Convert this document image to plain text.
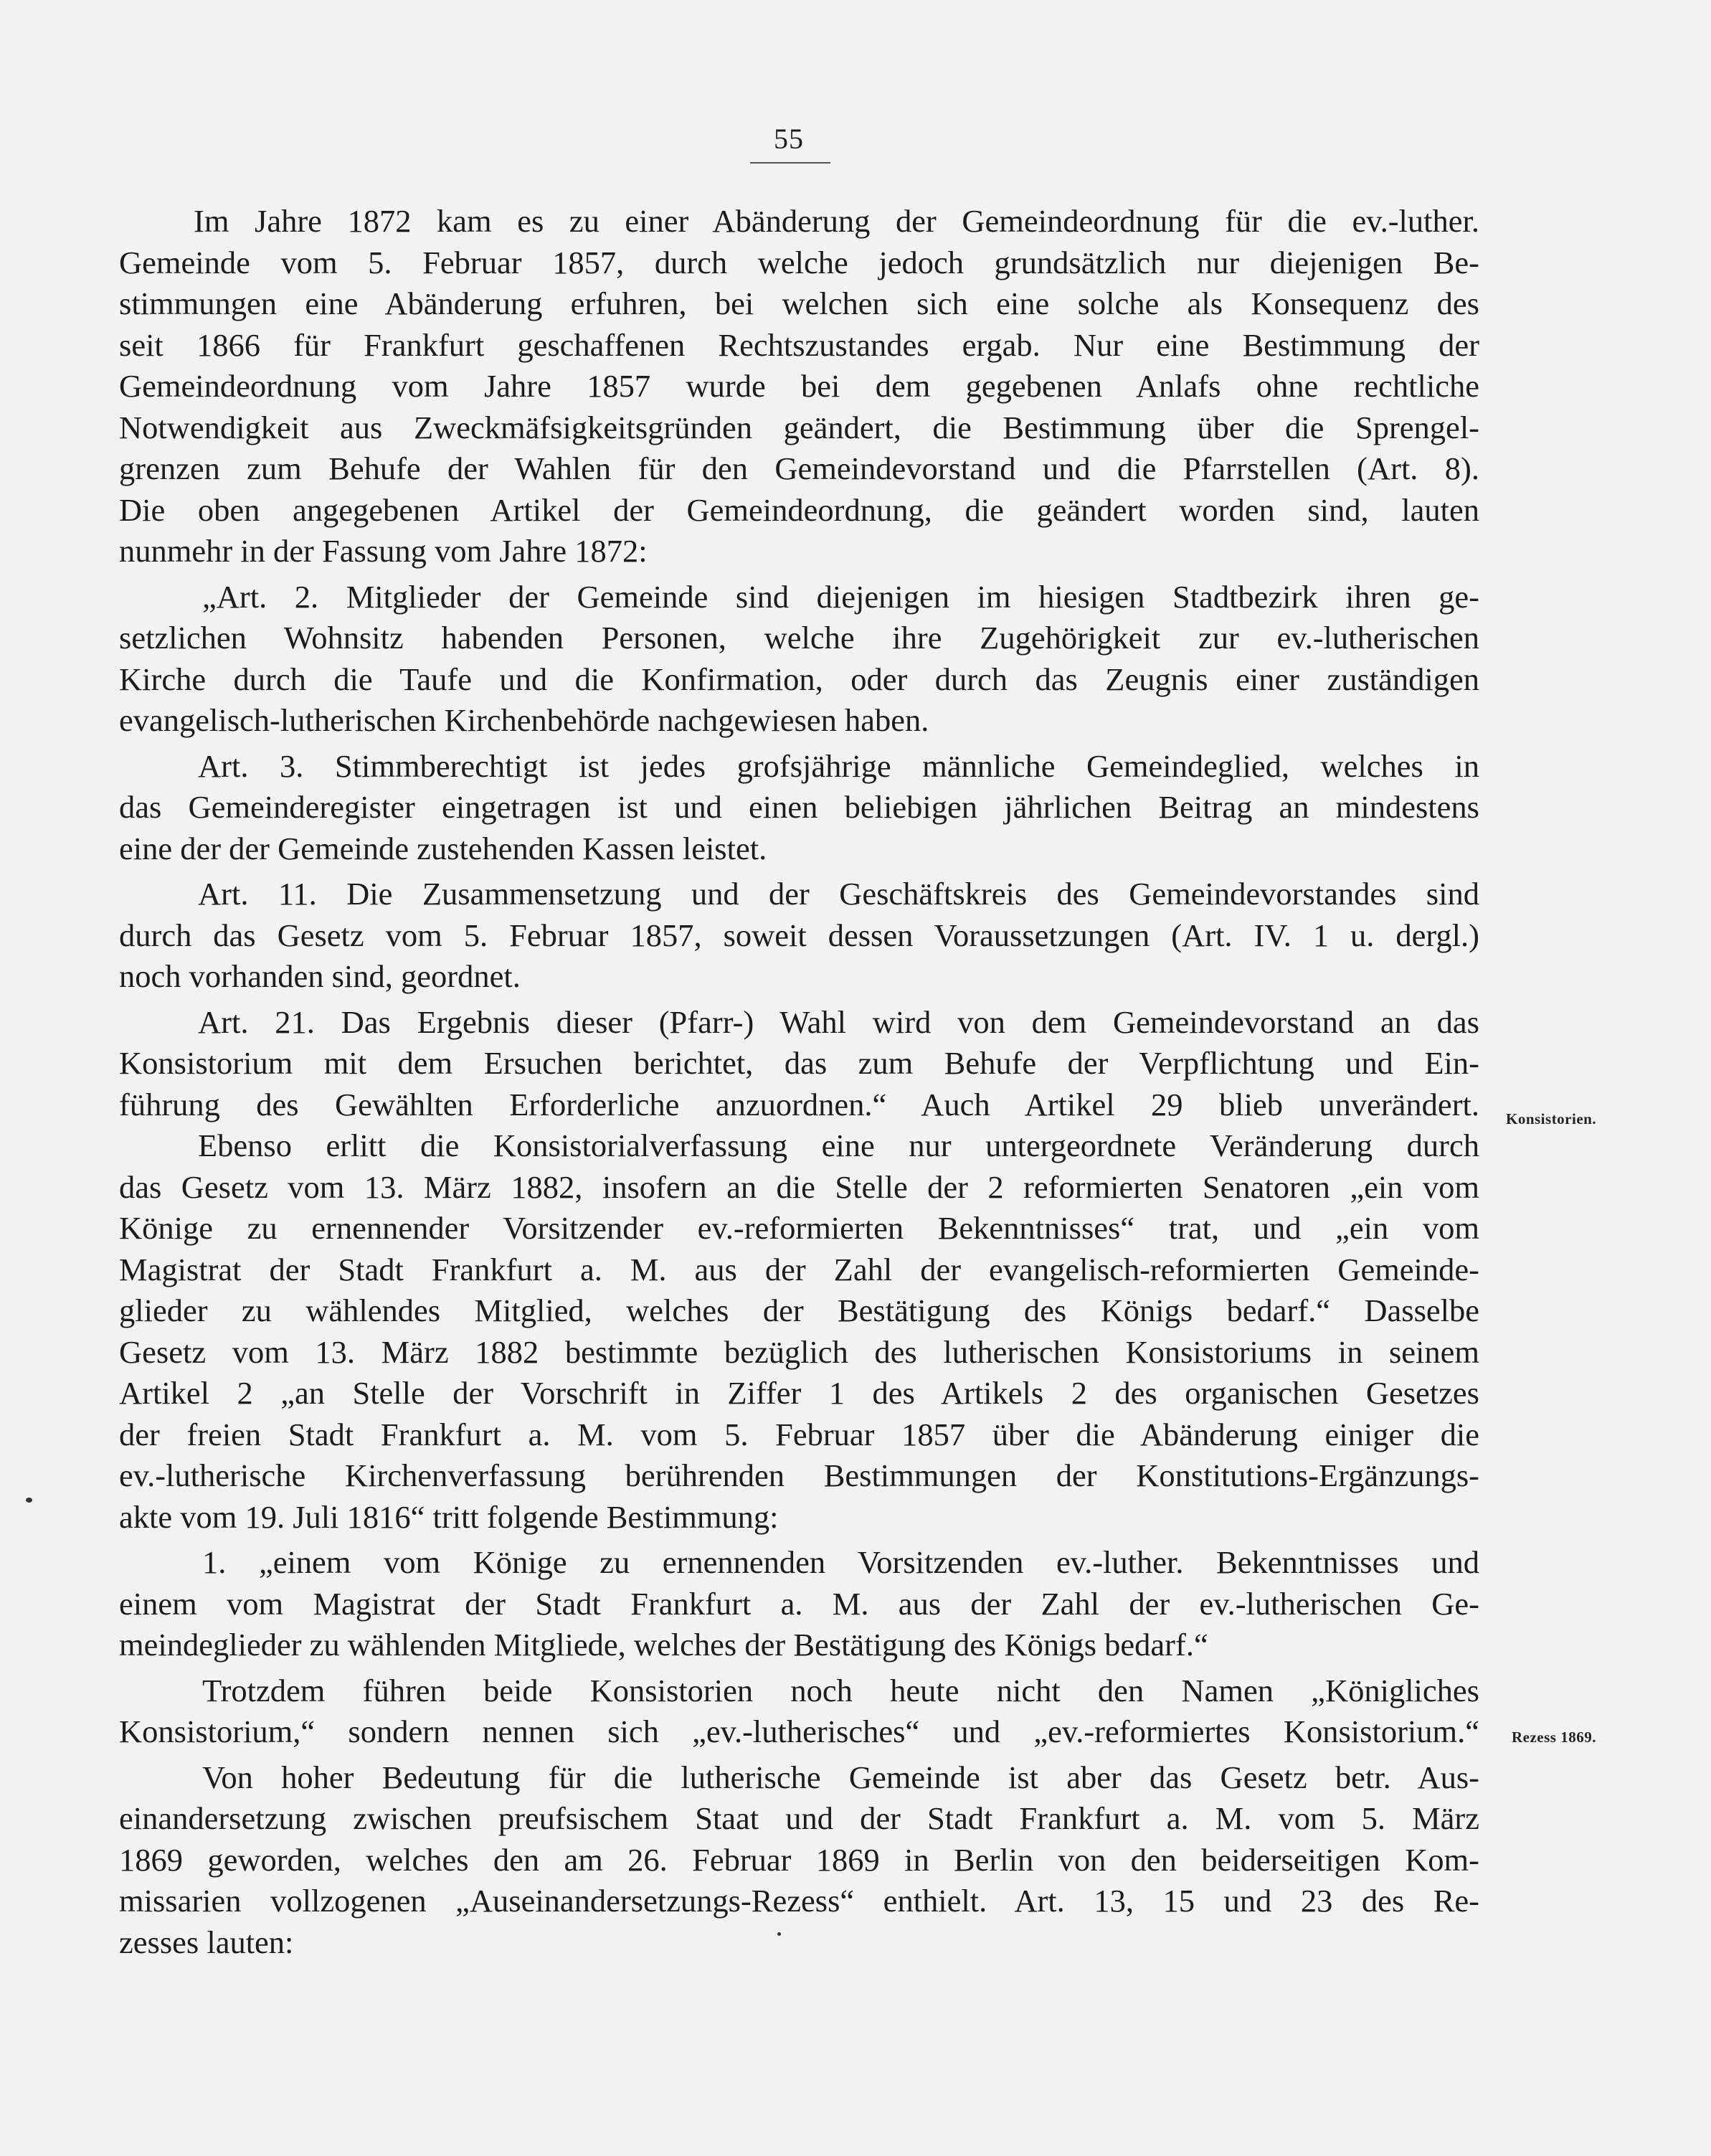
55
Im Jahre 1872 kam es zu einer Abänderung der Gemeindeordnung für die ev.-luther.
Gemeinde vom 5. Februar 1857, durch welche jedoch grundsätzlich nur diejenigen Be-
stimmungen eine Abänderung erfuhren, bei welchen sich eine solche als Konsequenz des
seit 1866 für Frankfurt geschaffenen Rechtszustandes ergab. Nur eine Bestimmung der
Gemeindeordnung vom Jahre 1857 wurde bei dem gegebenen Anlafs ohne rechtliche
Notwendigkeit aus Zweckmäfsigkeitsgründen geändert, die Bestimmung über die Sprengel-
grenzen zum Behufe der Wahlen für den Gemeindevorstand und die Pfarrstellen (Art. 8).
Die oben angegebenen Artikel der Gemeindeordnung, die geändert worden sind, lauten
nunmehr in der Fassung vom Jahre 1872:
„Art. 2. Mitglieder der Gemeinde sind diejenigen im hiesigen Stadtbezirk ihren ge-
setzlichen Wohnsitz habenden Personen, welche ihre Zugehörigkeit zur ev.-lutherischen
Kirche durch die Taufe und die Konfirmation, oder durch das Zeugnis einer zuständigen
evangelisch-lutherischen Kirchenbehörde nachgewiesen haben.
Art. 3. Stimmberechtigt ist jedes grofsjährige männliche Gemeindeglied, welches in
das Gemeinderegister eingetragen ist und einen beliebigen jährlichen Beitrag an mindestens
eine der der Gemeinde zustehenden Kassen leistet.
Art. 11. Die Zusammensetzung und der Geschäftskreis des Gemeindevorstandes sind
durch das Gesetz vom 5. Februar 1857, soweit dessen Voraussetzungen (Art. IV. 1 u. dergl.)
noch vorhanden sind, geordnet.
Art. 21. Das Ergebnis dieser (Pfarr-) Wahl wird von dem Gemeindevorstand an das
Konsistorium mit dem Ersuchen berichtet, das zum Behufe der Verpflichtung und Ein-
führung des Gewählten Erforderliche anzuordnen.“ Auch Artikel 29 blieb unverändert.
Ebenso erlitt die Konsistorialverfassung eine nur untergeordnete Veränderung durch
das Gesetz vom 13. März 1882, insofern an die Stelle der 2 reformierten Senatoren „ein vom
Könige zu ernennender Vorsitzender ev.-reformierten Bekenntnisses“ trat, und „ein vom
Magistrat der Stadt Frankfurt a. M. aus der Zahl der evangelisch-reformierten Gemeinde-
glieder zu wählendes Mitglied, welches der Bestätigung des Königs bedarf.“ Dasselbe
Gesetz vom 13. März 1882 bestimmte bezüglich des lutherischen Konsistoriums in seinem
Artikel 2 „an Stelle der Vorschrift in Ziffer 1 des Artikels 2 des organischen Gesetzes
der freien Stadt Frankfurt a. M. vom 5. Februar 1857 über die Abänderung einiger die
ev.-lutherische Kirchenverfassung berührenden Bestimmungen der Konstitutions-Ergänzungs-
akte vom 19. Juli 1816“ tritt folgende Bestimmung:
1. „einem vom Könige zu ernennenden Vorsitzenden ev.-luther. Bekenntnisses und
einem vom Magistrat der Stadt Frankfurt a. M. aus der Zahl der ev.-lutherischen Ge-
meindeglieder zu wählenden Mitgliede, welches der Bestätigung des Königs bedarf.“
Trotzdem führen beide Konsistorien noch heute nicht den Namen „Königliches
Konsistorium,“ sondern nennen sich „ev.-lutherisches“ und „ev.-reformiertes Konsistorium.“
Von hoher Bedeutung für die lutherische Gemeinde ist aber das Gesetz betr. Aus-
einandersetzung zwischen preufsischem Staat und der Stadt Frankfurt a. M. vom 5. März
1869 geworden, welches den am 26. Februar 1869 in Berlin von den beiderseitigen Kom-
missarien vollzogenen „Auseinandersetzungs-Rezess“ enthielt. Art. 13, 15 und 23 des Re-
zesses lauten:
Konsistorien.
Rezess 1869.
